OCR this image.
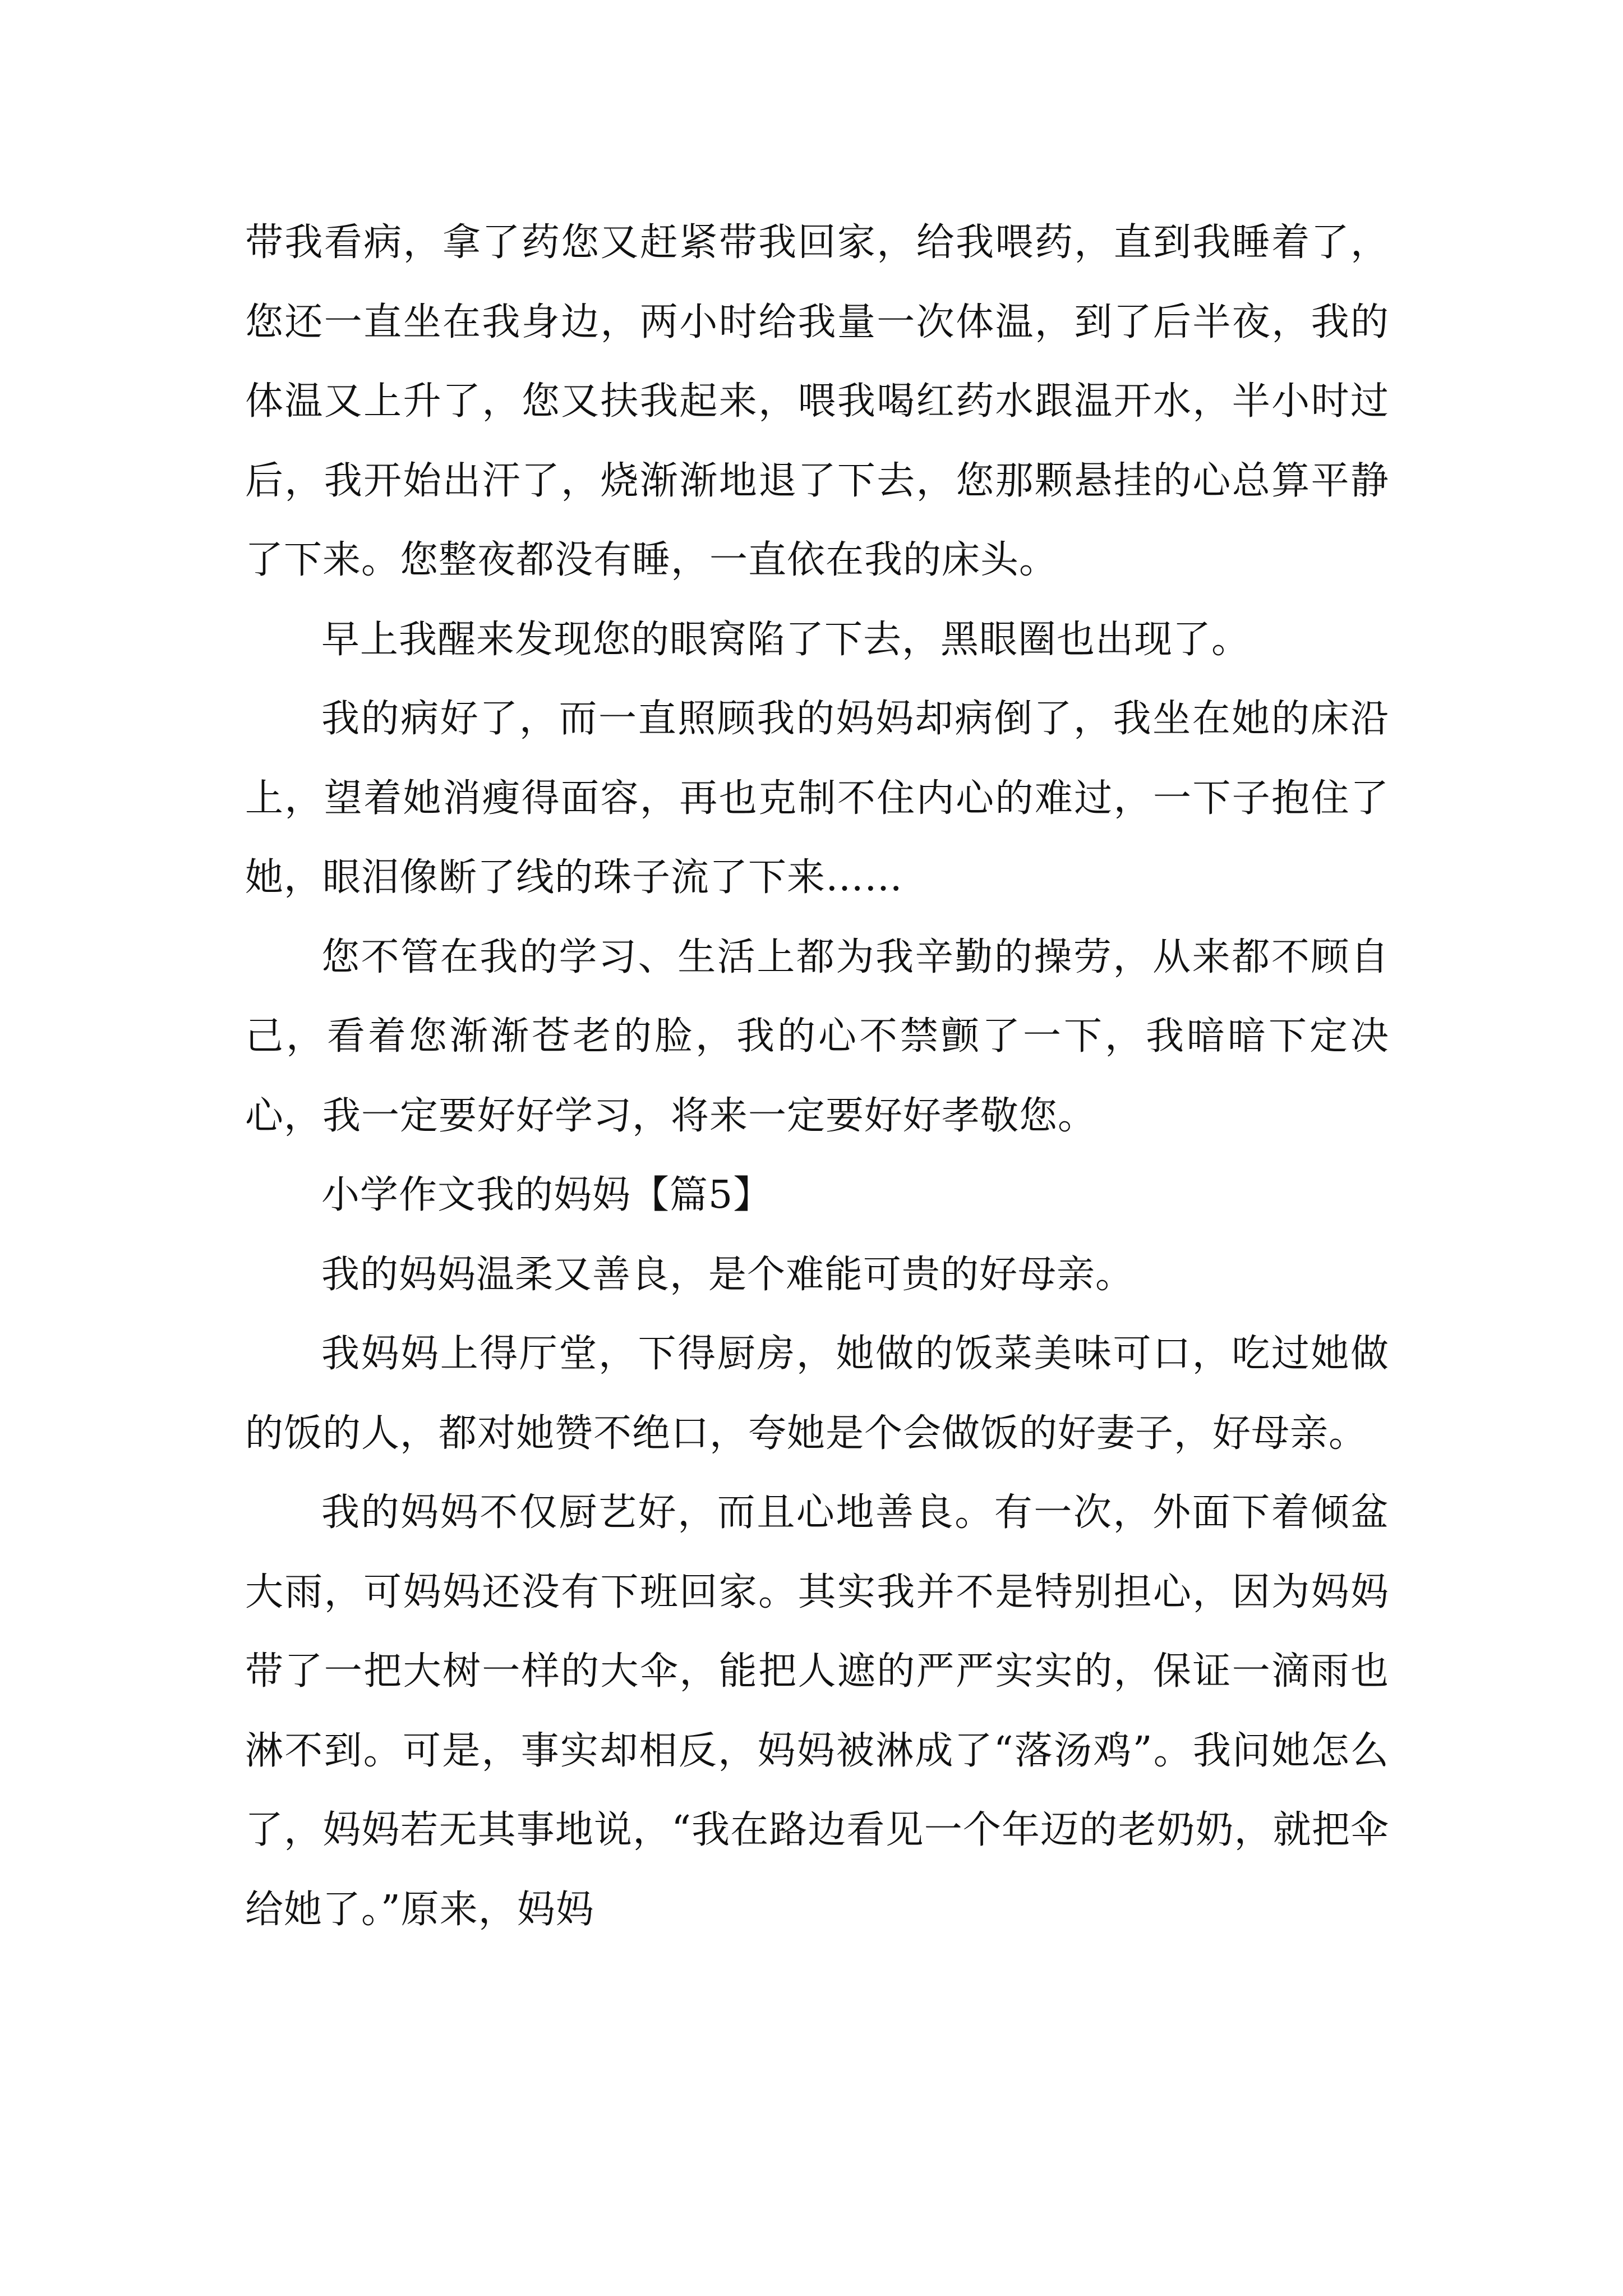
带我看病，拿了药您又赶紧带我回家，给我喂药，直到我睡着了，您还一直坐在我身边，两小时给我量一次体温，到了后半夜，我的体温又上升了，您又扶我起来，喂我喝红药水跟温开水，半小时过后，我开始出汗了，烧渐渐地退了下去，您那颗悬挂的心总算平静了下来。您整夜都没有睡，一直依在我的床头。

早上我醒来发现您的眼窝陷了下去，黑眼圈也出现了。

我的病好了，而一直照顾我的妈妈却病倒了，我坐在她的床沿上，望着她消瘦得面容，再也克制不住内心的难过，一下子抱住了她，眼泪像断了线的珠子流了下来……

您不管在我的学习、生活上都为我辛勤的操劳，从来都不顾自己，看着您渐渐苍老的脸，我的心不禁颤了一下，我暗暗下定决心，我一定要好好学习，将来一定要好好孝敬您。

小学作文我的妈妈【篇5】

我的妈妈温柔又善良，是个难能可贵的好母亲。

我妈妈上得厅堂，下得厨房，她做的饭菜美味可口，吃过她做的饭的人，都对她赞不绝口，夸她是个会做饭的好妻子，好母亲。

我的妈妈不仅厨艺好，而且心地善良。有一次，外面下着倾盆大雨，可妈妈还没有下班回家。其实我并不是特别担心，因为妈妈带了一把大树一样的大伞，能把人遮的严严实实的，保证一滴雨也淋不到。可是，事实却相反，妈妈被淋成了“落汤鸡”。我问她怎么了，妈妈若无其事地说，“我在路边看见一个年迈的老奶奶，就把伞给她了。”原来，妈妈
